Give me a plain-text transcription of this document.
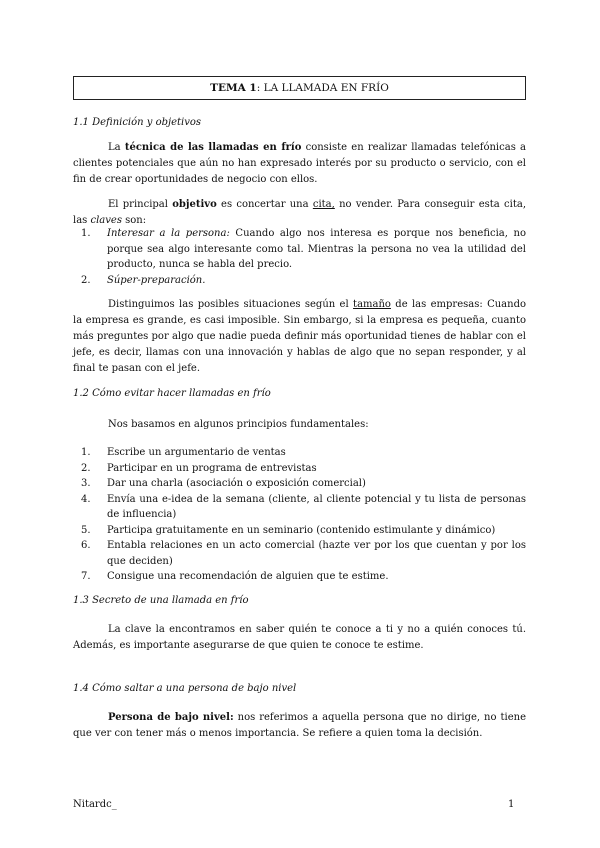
TEMA 1: LA LLAMADA EN FRÍO
1.1 Definición y objetivos
La técnica de las llamadas en frío consiste en realizar llamadas telefónicas a clientes potenciales que aún no han expresado interés por su producto o servicio, con el fin de crear oportunidades de negocio con ellos.
El principal objetivo es concertar una cita, no vender. Para conseguir esta cita, las claves son:
1. Interesar a la persona: Cuando algo nos interesa es porque nos beneficia, no porque sea algo interesante como tal. Mientras la persona no vea la utilidad del producto, nunca se habla del precio.
2. Súper-preparación.
Distinguimos las posibles situaciones según el tamaño de las empresas: Cuando la empresa es grande, es casi imposible. Sin embargo, si la empresa es pequeña, cuanto más preguntes por algo que nadie pueda definir más oportunidad tienes de hablar con el jefe, es decir, llamas con una innovación y hablas de algo que no sepan responder, y al final te pasan con el jefe.
1.2 Cómo evitar hacer llamadas en frío
Nos basamos en algunos principios fundamentales:
1. Escribe un argumentario de ventas
2. Participar en un programa de entrevistas
3. Dar una charla (asociación o exposición comercial)
4. Envía una e-idea de la semana (cliente, al cliente potencial y tu lista de personas de influencia)
5. Participa gratuitamente en un seminario (contenido estimulante y dinámico)
6. Entabla relaciones en un acto comercial (hazte ver por los que cuentan y por los que deciden)
7. Consigue una recomendación de alguien que te estime.
1.3 Secreto de una llamada en frío
La clave la encontramos en saber quién te conoce a ti y no a quién conoces tú. Además, es importante asegurarse de que quien te conoce te estime.
1.4 Cómo saltar a una persona de bajo nivel
Persona de bajo nivel: nos referimos a aquella persona que no dirige, no tiene que ver con tener más o menos importancia. Se refiere a quien toma la decisión.
Nitardc_	1
